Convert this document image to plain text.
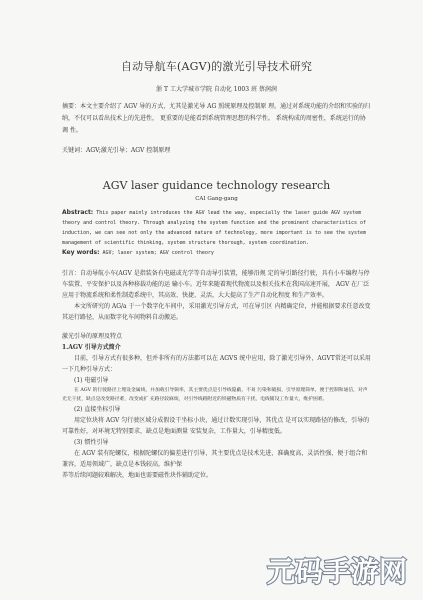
自动导航车(AGV)的激光引导技术研究
浙 T 工大学城市学院 自动化 1003 班 蔡润润

摘要：本文主要介绍了 AGV 导的方式，尤其是激光导 AG 照统原理及控制原 理。通过对系统功能的介绍和实验的归纳，不仅可以看出技术上的先进性， 更重要的是能看到系统管理思想的科学性。 系统构成的周密性，系统运行的协调 性。

关键词：AGV;激光引导；AGV 控制原理

AGV laser guidance technology research
CAI Gang-gang
Abstract: This paper mainly introduces the AGV lead the way, especially the laser guide AGV system theory and control theory. Through analyzing the system function and the prominent characteristics of induction, we can see not only the advanced nature of technology, more important is to see the system management of scientific thinking, system structure thorough, system coordination.
Key words: AGV; laser system; AGV control theory

引言：自动导航小车(AGV 是指装备有电磁或光学等自动导引装置，能够沿规 定的导引路径行驶，具有小车编程与停车装置、平安保护以及各种移载功能的运 输小车。近年来随着现代物流以及相关技术在我国高速开展， AGV 在厂泛应用于物流系统和柔性制造系统中，其高效、快捷、灵活，大大提高了生产自动化程度 和生产效率。

本文所研究的 AG/a 于一个数字化车间中，采用激光引导方式，可在导引区 内精确定位，并能根据要求任意改变其运行路径，从而数字化车间物料自动搬运。

激光引导的原理及特点

1.AGV 引导方式简介

目前，引导方式有很多种，但并非所有的方法都可以在 AGVS 统中应用，除了激光引导外，AGVT常还可以采用一下几种引导方式：

(1) 电磁引导

在 AGV 的行驶路径上埋设金属线，并加载引导频率，其主要优点是引导线隐蔽，不易 污染和破损，引导原理简单，便于控制和通信，对声光无干扰，缺点是改变路径难，改变或扩 充路径较麻烦，对引导线路附近的铁磁物质有干扰，电线铺设工作量大，维护困难。

(2) 直接坐标引导

用定位块将 AGV 匀行驶区域分成假设干坐标小块，通过计数实现引导，其优点 是可以实现路径的修改，引导的可靠性好，对环境无特别要求，缺点是地面测量 安装复杂，工作量大，引导精度低。

(3) 惯性引导

在 AGV 装有陀螺仪，根据陀螺仪的偏差进行引导，其主要优点是技术先进，准确度高，灵活性强，便于组合和兼容，适用领域广，缺点是本钱较高，维护保

养等后续问题较难解决，地面也需要磁性块作辅助定位。

元码手游网
